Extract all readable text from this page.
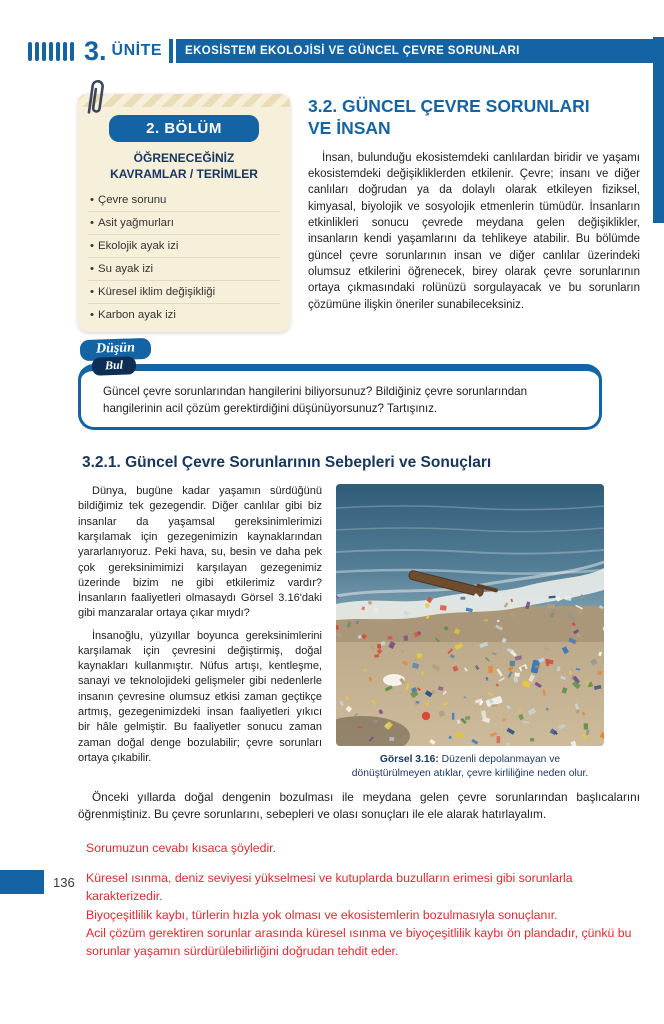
3. ÜNİTE EKOSİSTEM EKOLOJİSİ VE GÜNCEL ÇEVRE SORUNLARI
2. BÖLÜM
ÖĞRENECEĞİNİZ
KAVRAMLAR / TERİMLER
• Çevre sorunu
• Asit yağmurları
• Ekolojik ayak izi
• Su ayak izi
• Küresel iklim değişikliği
• Karbon ayak izi
3.2. GÜNCEL ÇEVRE SORUNLARI
VE İNSAN

İnsan, bulunduğu ekosistemdeki canlılardan biridir ve yaşamı ekosistemdeki değişikliklerden etkilenir. Çevre; insanı ve diğer canlıları doğrudan ya da dolaylı olarak etkileyen fiziksel, kimyasal, biyolojik ve sosyolojik etmenlerin tümüdür. İnsanların etkinlikleri sonucu çevrede meydana gelen değişiklikler, insanların kendi yaşamlarını da tehlikeye atabilir. Bu bölümde güncel çevre sorunlarının insan ve diğer canlılar üzerindeki olumsuz etkilerini öğrenecek, birey olarak çevre sorunlarının ortaya çıkmasındaki rolünüzü sorgulayacak ve bu sorunların çözümüne ilişkin öneriler sunabileceksiniz.

Düşün
Bul

Güncel çevre sorunlarından hangilerini biliyorsunuz? Bildiğiniz çevre sorunlarından hangilerinin acil çözüm gerektirdiğini düşünüyorsunuz? Tartışınız.

3.2.1. Güncel Çevre Sorunlarının Sebepleri ve Sonuçları

Dünya, bugüne kadar yaşamın sürdüğünü bildiğimiz tek gezegendir. Diğer canlılar gibi biz insanlar da yaşamsal gereksinimlerimizi karşılamak için gezegenimizin kaynaklarından yararlanıyoruz. Peki hava, su, besin ve daha pek çok gereksinimimizi karşılayan gezegenimiz üzerinde bizim ne gibi etkilerimiz vardır? İnsanların faaliyetleri olmasaydı Görsel 3.16'daki gibi manzaralar ortaya çıkar mıydı?

İnsanoğlu, yüzyıllar boyunca gereksinimlerini karşılamak için çevresini değiştirmiş, doğal kaynakları kullanmıştır. Nüfus artışı, kentleşme, sanayi ve teknolojideki gelişmeler gibi nedenlerle insanın çevresine olumsuz etkisi zaman geçtikçe artmış, gezegenimizdeki insan faaliyetleri yıkıcı bir hâle gelmiştir. Bu faaliyetler sonucu zaman zaman doğal denge bozulabilir; çevre sorunları ortaya çıkabilir.	Görsel 3.16: Düzenli depolanmayan ve dönüştürülmeyen atıklar, çevre kirliliğine neden olur.

Önceki yıllarda doğal dengenin bozulması ile meydana gelen çevre sorunlarından başlıcalarını öğrenmiştiniz. Bu çevre sorunlarını, sebepleri ve olası sonuçları ile ele alarak hatırlayalım.

Sorumuzun cevabı kısaca şöyledir.

Küresel ısınma, deniz seviyesi yükselmesi ve kutuplarda buzulların erimesi gibi sorunlarla karakterizedir.

Biyoçeşitlilik kaybı, türlerin hızla yok olması ve ekosistemlerin bozulmasıyla sonuçlanır.

Acil çözüm gerektiren sorunlar arasında küresel ısınma ve biyoçeşitlilik kaybı ön plandadır, çünkü bu sorunlar yaşamın sürdürülebilirliğini doğrudan tehdit eder.

136
